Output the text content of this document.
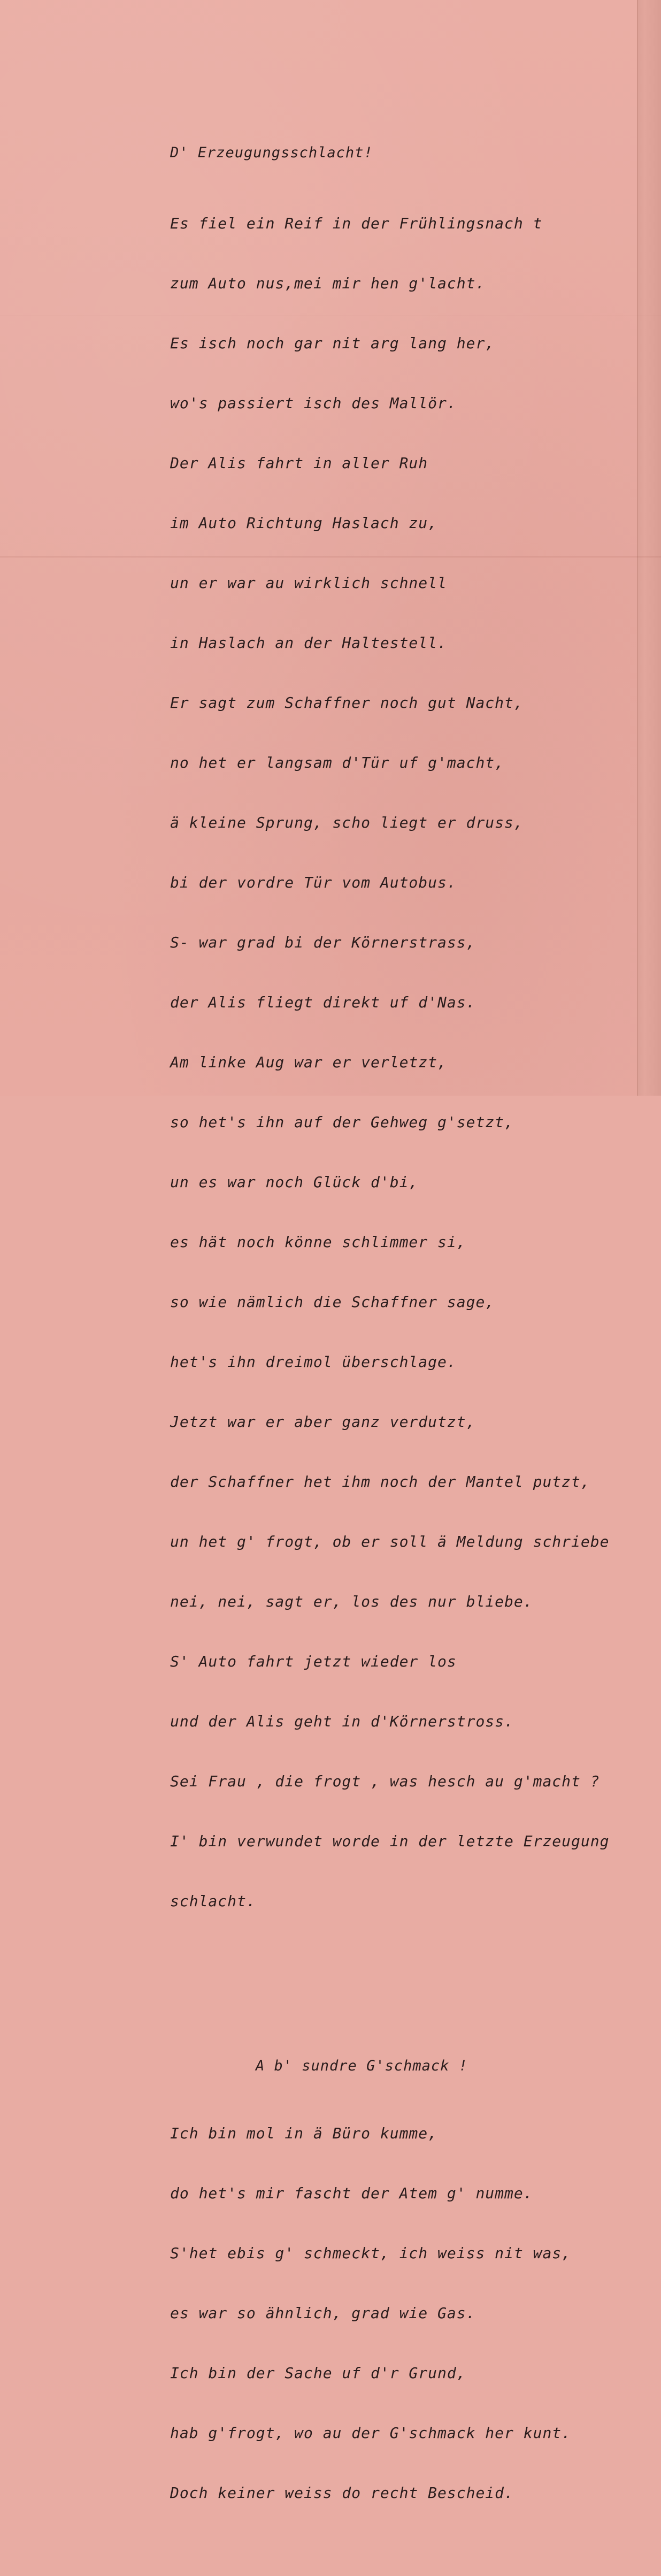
D' Erzeugungsschlacht!

Es fiel ein Reif in der Frühlingsnach t

zum Auto nus,mei mir hen g'lacht.

Es isch noch gar nit arg lang her,

wo's passiert isch des Mallör.

Der Alis fahrt in aller Ruh

im Auto Richtung Haslach zu,

un er war au wirklich schnell

in Haslach an der Haltestell.

Er sagt zum Schaffner noch gut Nacht,

no het er langsam d'Tür uf g'macht,

ä kleine Sprung, scho liegt er druss,

bi der vordre Tür vom Autobus.

S- war grad bi der Körnerstrass,

der Alis fliegt direkt uf d'Nas.

Am linke Aug war er verletzt,

so het's ihn auf der Gehweg g'setzt,

un es war noch Glück d'bi,

es hät noch könne schlimmer si,

so wie nämlich die Schaffner sage,

het's ihn dreimol überschlage.

Jetzt war er aber ganz verdutzt,

der Schaffner het ihm noch der Mantel putzt,

un het g' frogt, ob er soll ä Meldung schriebe

nei, nei, sagt er, los des nur bliebe.

S' Auto fahrt jetzt wieder los

und der Alis geht in d'Körnerstross.

Sei Frau , die frogt , was hesch au g'macht ?

I' bin verwundet worde in der letzte Erzeugung

schlacht.

A b' sundre G'schmack !

Ich bin mol in ä Büro kumme,

do het's mir fascht der Atem g' numme.

S'het ebis g' schmeckt, ich weiss nit was,

es war so ähnlich, grad wie Gas.

Ich bin der Sache uf d'r Grund,

hab g'frogt, wo au der G'schmack her kunt.

Doch keiner weiss do recht Bescheid.
